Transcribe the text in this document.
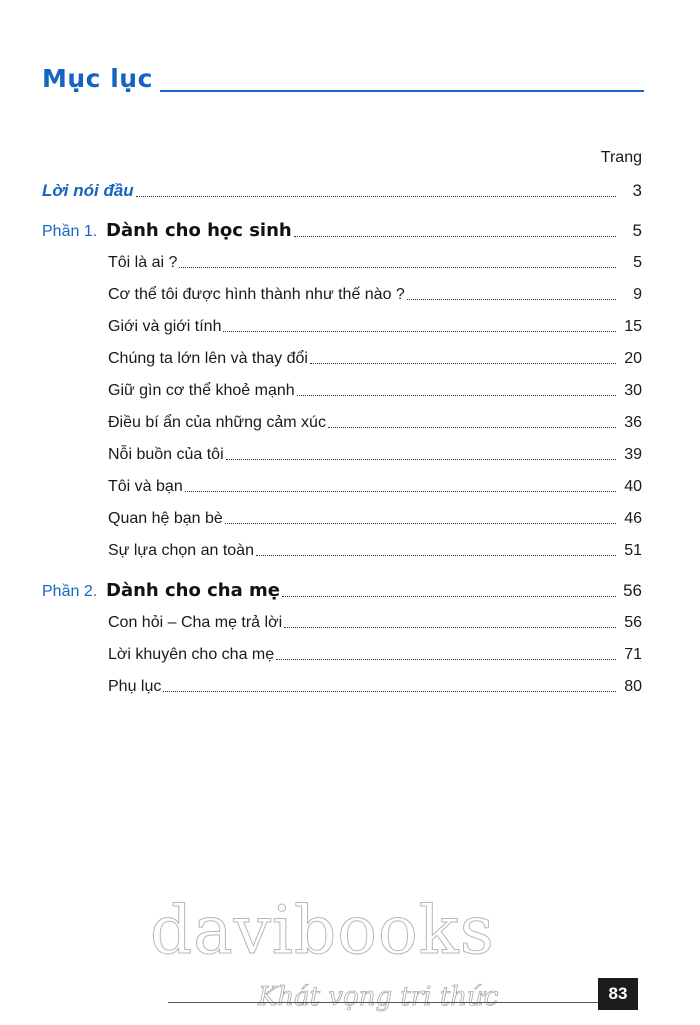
Mục lục
Trang
Lời nói đầu	3
Phần 1. Dành cho học sinh	5
Tôi là ai ?	5
Cơ thể tôi được hình thành như thế nào ?	9
Giới và giới tính	15
Chúng ta lớn lên và thay đổi	20
Giữ gìn cơ thể khoẻ mạnh	30
Điều bí ẩn của những cảm xúc	36
Nỗi buồn của tôi	39
Tôi và bạn	40
Quan hệ bạn bè	46
Sự lựa chọn an toàn	51
Phần 2. Dành cho cha mẹ	56
Con hỏi – Cha mẹ trả lời	56
Lời khuyên cho cha mẹ	71
Phụ lục	80
davibooks
Khát vọng tri thức	83
